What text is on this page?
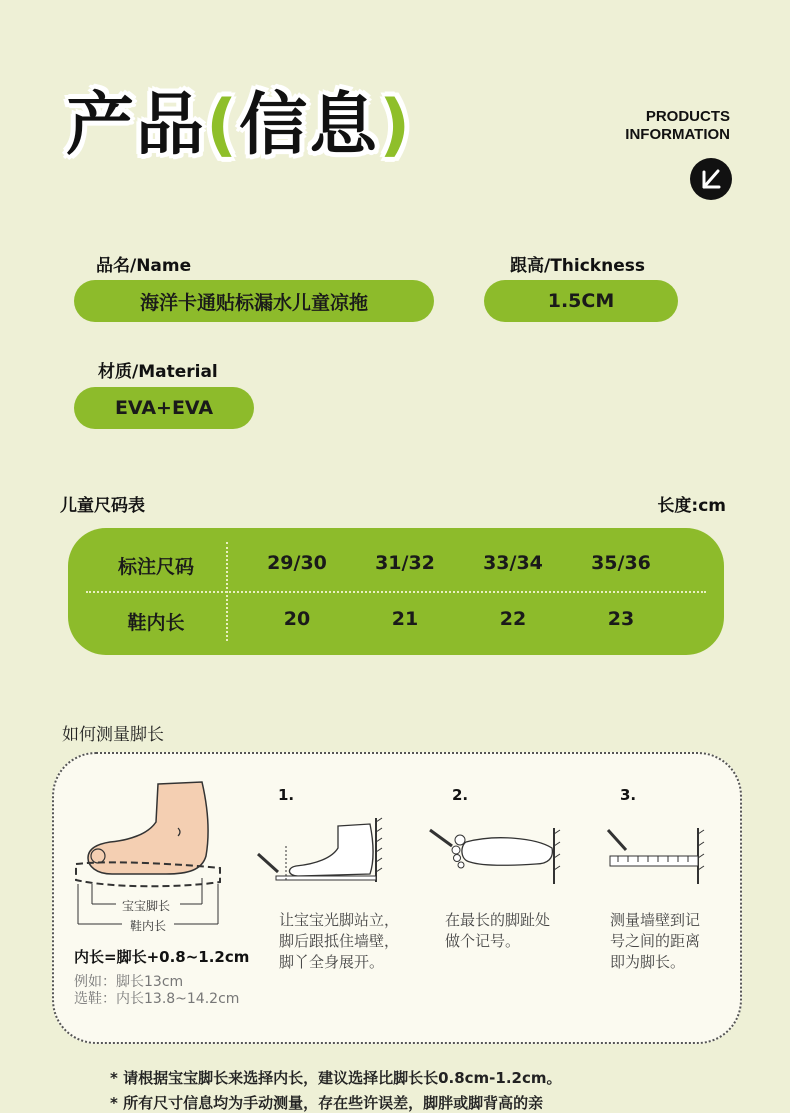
产品(信息)	PRODUCTS
INFORMATION
品名/Name
海洋卡通贴标漏水儿童凉拖
跟高/Thickness
1.5CM
材质/Material
EVA+EVA
儿童尺码表	长度:cm
标注尺码	29/30	31/32	33/34	35/36
鞋内长	20	21	22	23
如何测量脚长
宝宝脚长
鞋内长
内长=脚长+0.8~1.2cm
例如：脚长13cm
选鞋：内长13.8~14.2cm
1.
让宝宝光脚站立，
脚后跟抵住墙壁，
脚丫全身展开。
2.
在最长的脚趾处
做个记号。
3.
测量墙壁到记
号之间的距离
即为脚长。
* 请根据宝宝脚长来选择内长，建议选择比脚长长0.8cm-1.2cm。
* 所有尺寸信息均为手动测量，存在些许误差，脚胖或脚背高的亲
